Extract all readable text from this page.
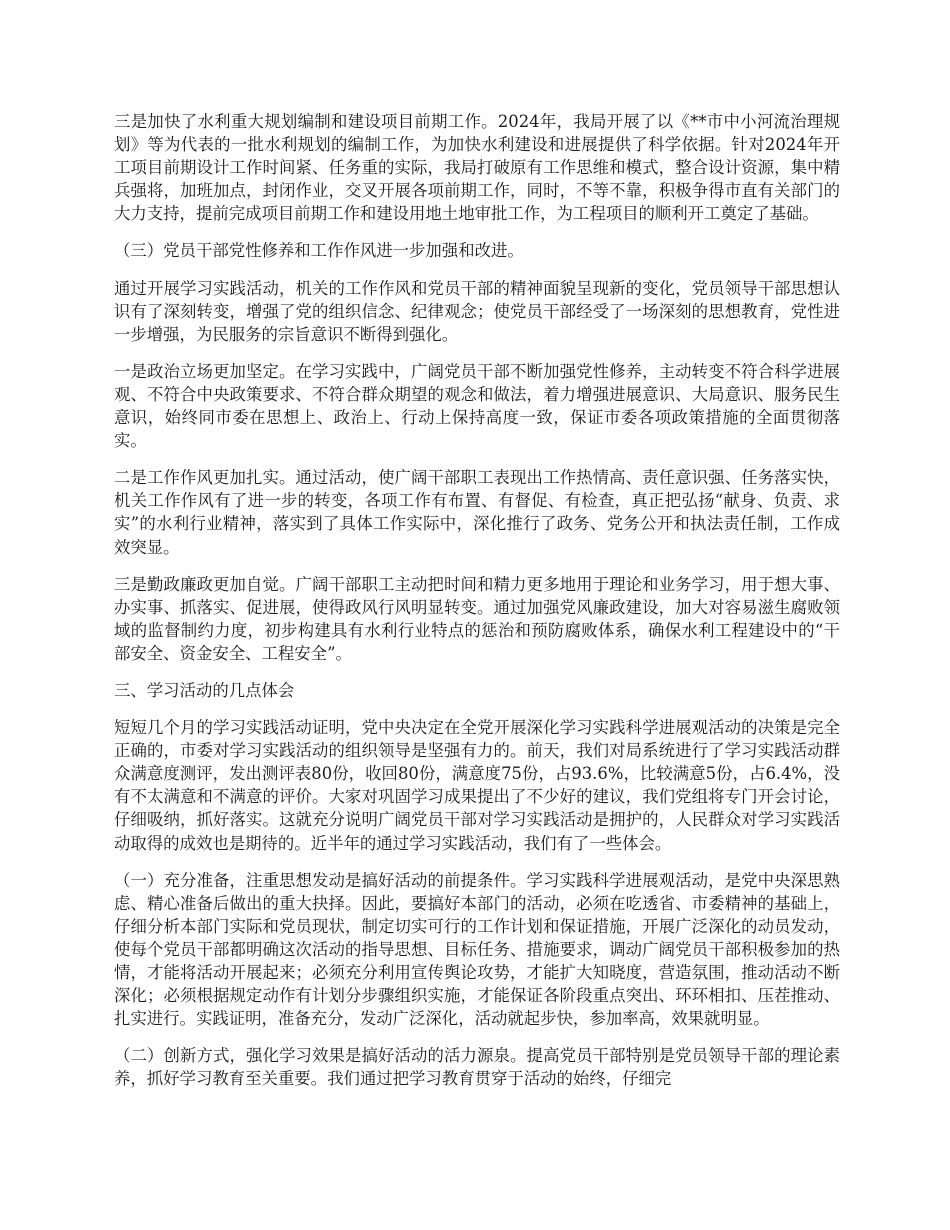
三是加快了水利重大规划编制和建设项目前期工作。2024年，我局开展了以《**市中小河流治理规划》等为代表的一批水利规划的编制工作，为加快水利建设和进展提供了科学依据。针对2024年开工项目前期设计工作时间紧、任务重的实际，我局打破原有工作思维和模式，整合设计资源，集中精兵强将，加班加点，封闭作业，交叉开展各项前期工作，同时，不等不靠，积极争得市直有关部门的大力支持，提前完成项目前期工作和建设用地土地审批工作，为工程项目的顺利开工奠定了基础。

（三）党员干部党性修养和工作作风进一步加强和改进。

通过开展学习实践活动，机关的工作作风和党员干部的精神面貌呈现新的变化，党员领导干部思想认识有了深刻转变，增强了党的组织信念、纪律观念；使党员干部经受了一场深刻的思想教育，党性进一步增强，为民服务的宗旨意识不断得到强化。

一是政治立场更加坚定。在学习实践中，广阔党员干部不断加强党性修养，主动转变不符合科学进展观、不符合中央政策要求、不符合群众期望的观念和做法，着力增强进展意识、大局意识、服务民生意识，始终同市委在思想上、政治上、行动上保持高度一致，保证市委各项政策措施的全面贯彻落实。

二是工作作风更加扎实。通过活动，使广阔干部职工表现出工作热情高、责任意识强、任务落实快，机关工作作风有了进一步的转变，各项工作有布置、有督促、有检查，真正把弘扬“献身、负责、求实”的水利行业精神，落实到了具体工作实际中，深化推行了政务、党务公开和执法责任制，工作成效突显。

三是勤政廉政更加自觉。广阔干部职工主动把时间和精力更多地用于理论和业务学习，用于想大事、办实事、抓落实、促进展，使得政风行风明显转变。通过加强党风廉政建设，加大对容易滋生腐败领域的监督制约力度，初步构建具有水利行业特点的惩治和预防腐败体系，确保水利工程建设中的“干部安全、资金安全、工程安全”。

三、学习活动的几点体会

短短几个月的学习实践活动证明，党中央决定在全党开展深化学习实践科学进展观活动的决策是完全正确的，市委对学习实践活动的组织领导是坚强有力的。前天，我们对局系统进行了学习实践活动群众满意度测评，发出测评表80份，收回80份，满意度75份，占93.6%，比较满意5份，占6.4%，没有不太满意和不满意的评价。大家对巩固学习成果提出了不少好的建议，我们党组将专门开会讨论，仔细吸纳，抓好落实。这就充分说明广阔党员干部对学习实践活动是拥护的，人民群众对学习实践活动取得的成效也是期待的。近半年的通过学习实践活动，我们有了一些体会。

（一）充分准备，注重思想发动是搞好活动的前提条件。学习实践科学进展观活动，是党中央深思熟虑、精心准备后做出的重大抉择。因此，要搞好本部门的活动，必须在吃透省、市委精神的基础上，仔细分析本部门实际和党员现状，制定切实可行的工作计划和保证措施，开展广泛深化的动员发动，使每个党员干部都明确这次活动的指导思想、目标任务、措施要求，调动广阔党员干部积极参加的热情，才能将活动开展起来；必须充分利用宣传舆论攻势，才能扩大知晓度，营造氛围，推动活动不断深化；必须根据规定动作有计划分步骤组织实施，才能保证各阶段重点突出、环环相扣、压茬推动、扎实进行。实践证明，准备充分，发动广泛深化，活动就起步快，参加率高，效果就明显。

（二）创新方式，强化学习效果是搞好活动的活力源泉。提高党员干部特别是党员领导干部的理论素养，抓好学习教育至关重要。我们通过把学习教育贯穿于活动的始终，仔细完
